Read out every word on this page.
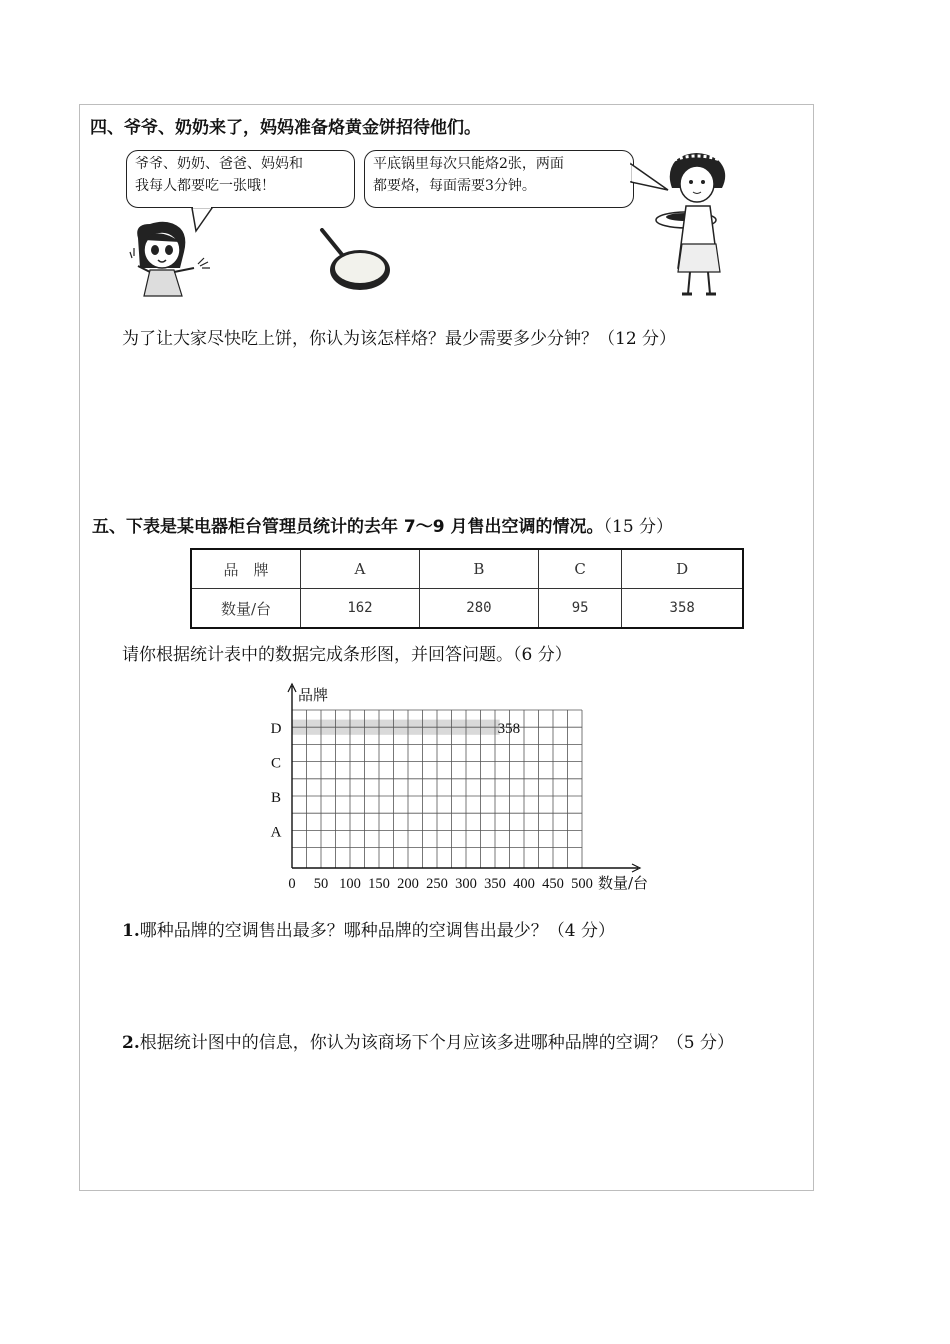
四、爷爷、奶奶来了，妈妈准备烙黄金饼招待他们。
爷爷、奶奶、爸爸、妈妈和
我每人都要吃一张哦！
平底锅里每次只能烙2张，两面
都要烙，每面需要3分钟。
为了让大家尽快吃上饼，你认为该怎样烙？最少需要多少分钟？（12 分）
五、下表是某电器柜台管理员统计的去年 7～9 月售出空调的情况。（15 分）
品　牌	A	B	C	D
数量/台	162	280	95	358
请你根据统计表中的数据完成条形图，并回答问题。（6 分）
品牌
A
B
C
D	358
0 50 100 150 200 250 300 350 400 450 500 数量/台
1.哪种品牌的空调售出最多？哪种品牌的空调售出最少？（4 分）
2.根据统计图中的信息，你认为该商场下个月应该多进哪种品牌的空调？（5 分）
